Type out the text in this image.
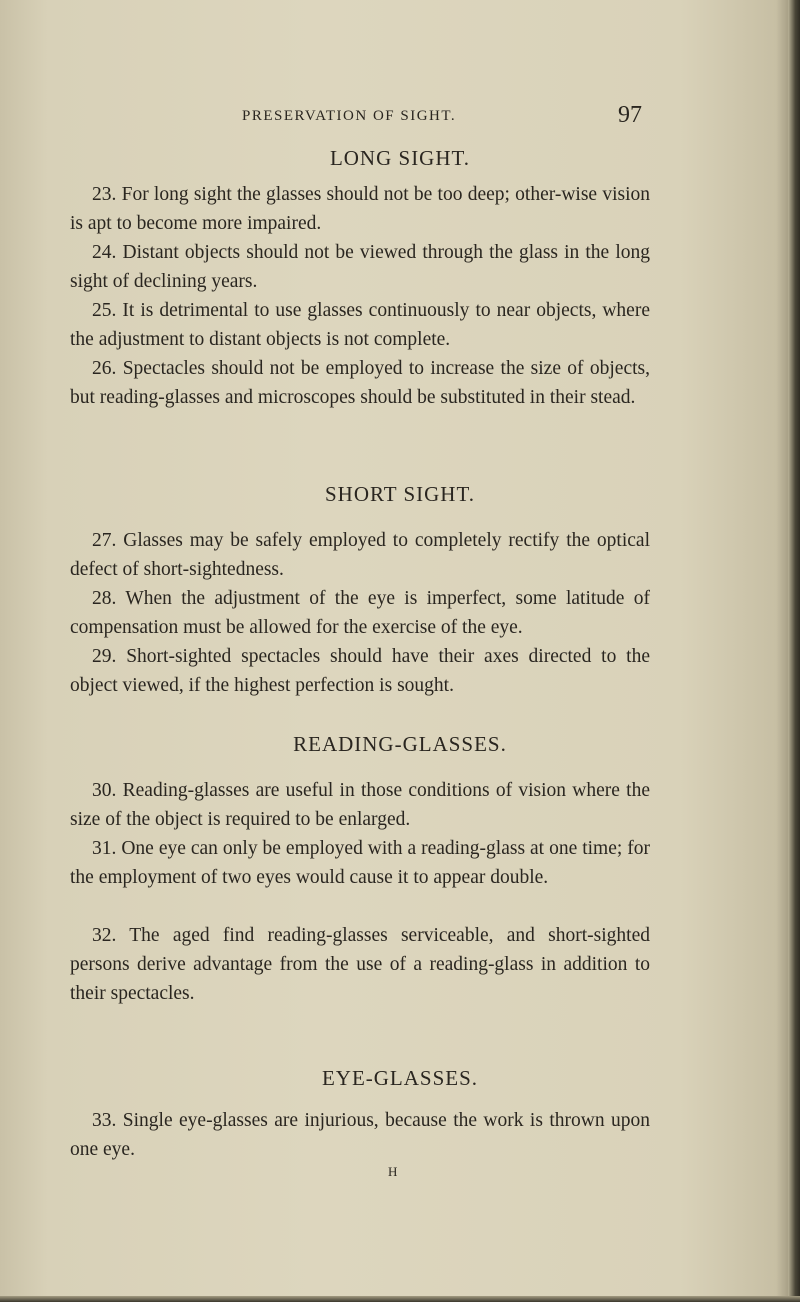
PRESERVATION OF SIGHT.	97
LONG SIGHT.

23. For long sight the glasses should not be too deep; other-wise vision is apt to become more impaired.

24. Distant objects should not be viewed through the glass in the long sight of declining years.

25. It is detrimental to use glasses continuously to near objects, where the adjustment to distant objects is not complete.

26. Spectacles should not be employed to increase the size of objects, but reading-glasses and microscopes should be substituted in their stead.

SHORT SIGHT.

27. Glasses may be safely employed to completely rectify the optical defect of short-sightedness.

28. When the adjustment of the eye is imperfect, some latitude of compensation must be allowed for the exercise of the eye.

29. Short-sighted spectacles should have their axes directed to the object viewed, if the highest perfection is sought.

READING-GLASSES.

30. Reading-glasses are useful in those conditions of vision where the size of the object is required to be enlarged.

31. One eye can only be employed with a reading-glass at one time; for the employment of two eyes would cause it to appear double.

32. The aged find reading-glasses serviceable, and short-sighted persons derive advantage from the use of a reading-glass in addition to their spectacles.

EYE-GLASSES.

33. Single eye-glasses are injurious, because the work is thrown upon one eye.

H
